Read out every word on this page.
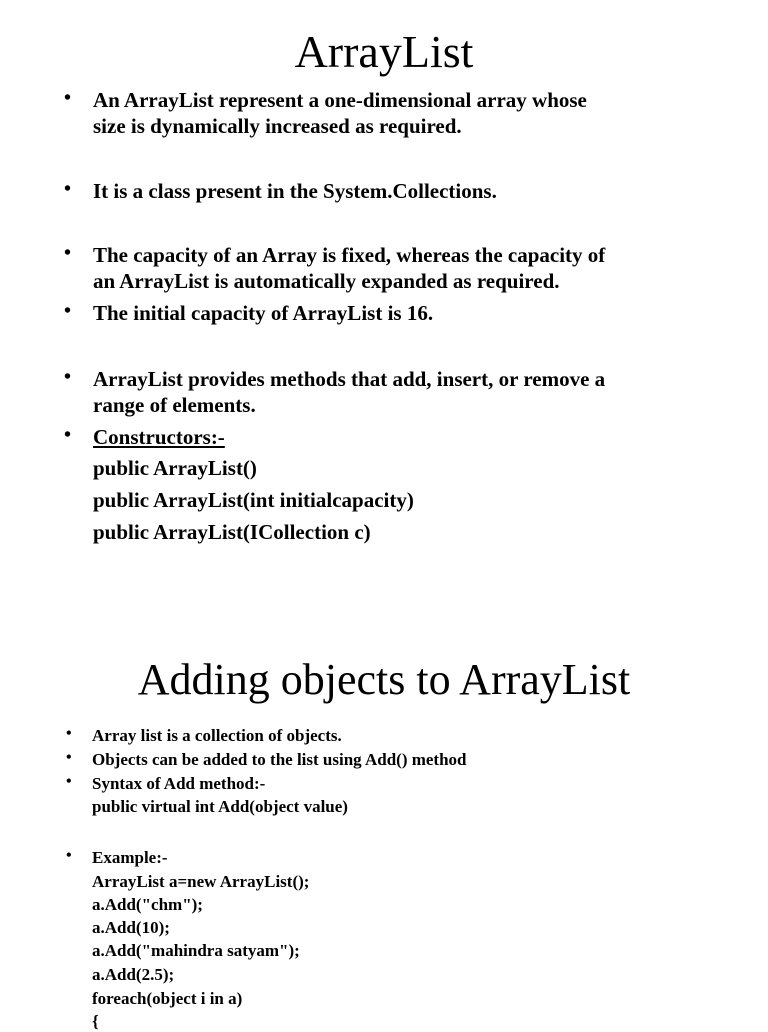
ArrayList
• An ArrayList represent a one-dimensional array whose

size is dynamically increased as required.

• It is a class present in the System.Collections.

• The capacity of an Array is fixed, whereas the capacity of

an ArrayList is automatically expanded as required.

• The initial capacity of ArrayList is 16.

• ArrayList provides methods that add, insert, or remove a

range of elements.

• Constructors:-

public ArrayList()

public ArrayList(int initialcapacity)

public ArrayList(ICollection c)

Adding objects to ArrayList
• Array list is a collection of objects.

• Objects can be added to the list using Add() method

• Syntax of Add method:-

public virtual int Add(object value)

• Example:-

ArrayList a=new ArrayList();

a.Add("chm");

a.Add(10);

a.Add("mahindra satyam");

a.Add(2.5);

foreach(object i in a)

{
